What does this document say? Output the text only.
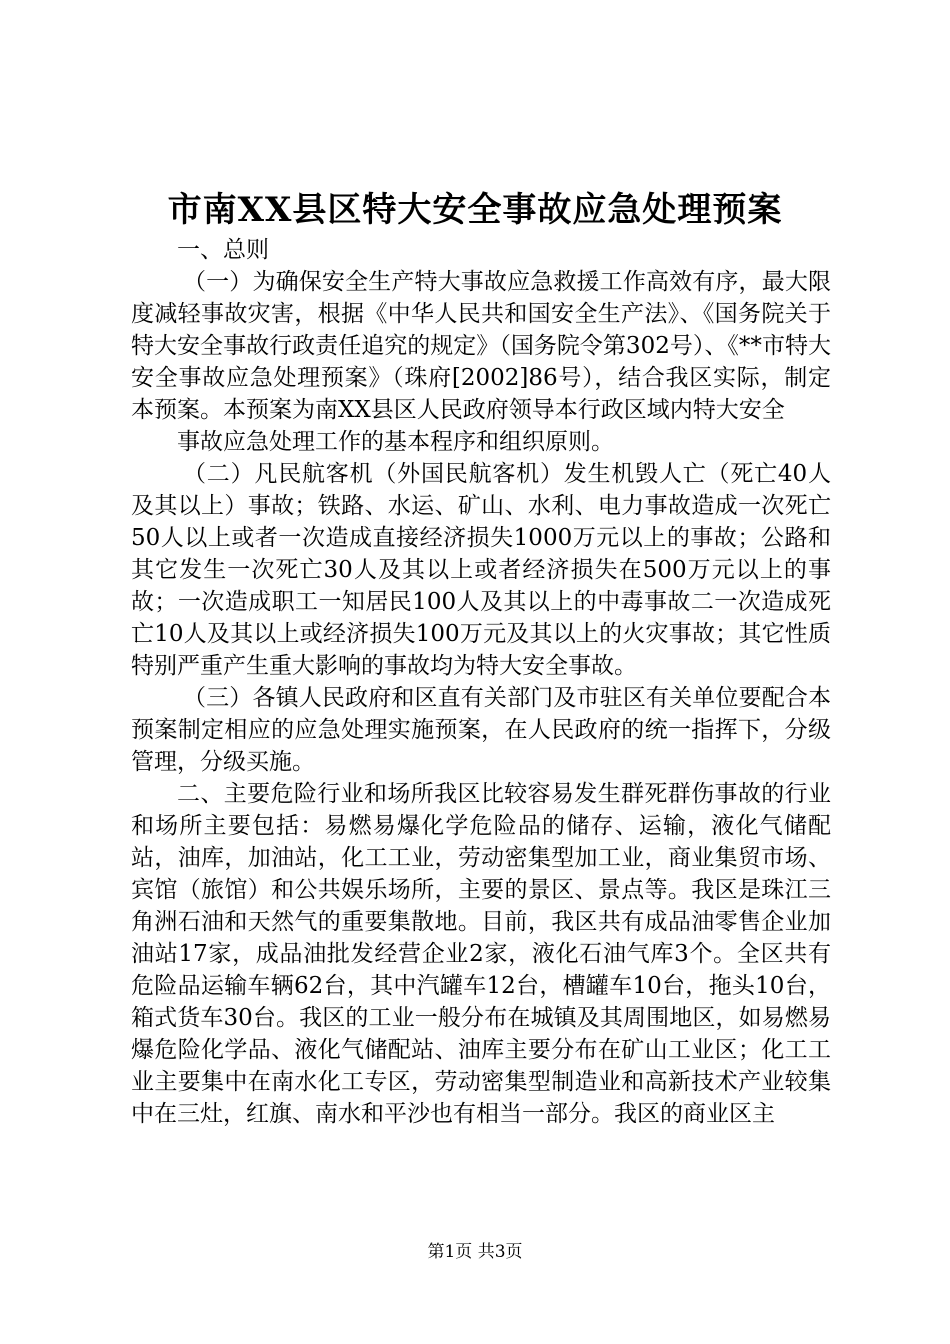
市南XX县区特大安全事故应急处理预案

一、总则

（一）为确保安全生产特大事故应急救援工作高效有序，最大限度减轻事故灾害，根据《中华人民共和国安全生产法》、《国务院关于特大安全事故行政责任追究的规定》（国务院令第302号）、《**市特大安全事故应急处理预案》（珠府[2002]86号），结合我区实际，制定本预案。本预案为南XX县区人民政府领导本行政区域内特大安全

事故应急处理工作的基本程序和组织原则。

（二）凡民航客机（外国民航客机）发生机毁人亡（死亡40人及其以上）事故；铁路、水运、矿山、水利、电力事故造成一次死亡50人以上或者一次造成直接经济损失1000万元以上的事故；公路和其它发生一次死亡30人及其以上或者经济损失在500万元以上的事故；一次造成职工一知居民100人及其以上的中毒事故二一次造成死亡10人及其以上或经济损失100万元及其以上的火灾事故；其它性质特别严重产生重大影响的事故均为特大安全事故。

（三）各镇人民政府和区直有关部门及市驻区有关单位要配合本预案制定相应的应急处理实施预案，在人民政府的统一指挥下，分级管理，分级买施。

二、主要危险行业和场所我区比较容易发生群死群伤事故的行业和场所主要包括：易燃易爆化学危险品的储存、运输，液化气储配站，油库，加油站，化工工业，劳动密集型加工业，商业集贸市场、宾馆（旅馆）和公共娱乐场所，主要的景区、景点等。我区是珠江三角洲石油和天然气的重要集散地。目前，我区共有成品油零售企业加油站17家，成品油批发经营企业2家，液化石油气库3个。全区共有危险品运输车辆62台，其中汽罐车12台，槽罐车10台，拖头10台，箱式货车30台。我区的工业一般分布在城镇及其周围地区，如易燃易爆危险化学品、液化气储配站、油库主要分布在矿山工业区；化工工业主要集中在南水化工专区，劳动密集型制造业和高新技术产业较集中在三灶，红旗、南水和平沙也有相当一部分。我区的商业区主

第1页 共3页
